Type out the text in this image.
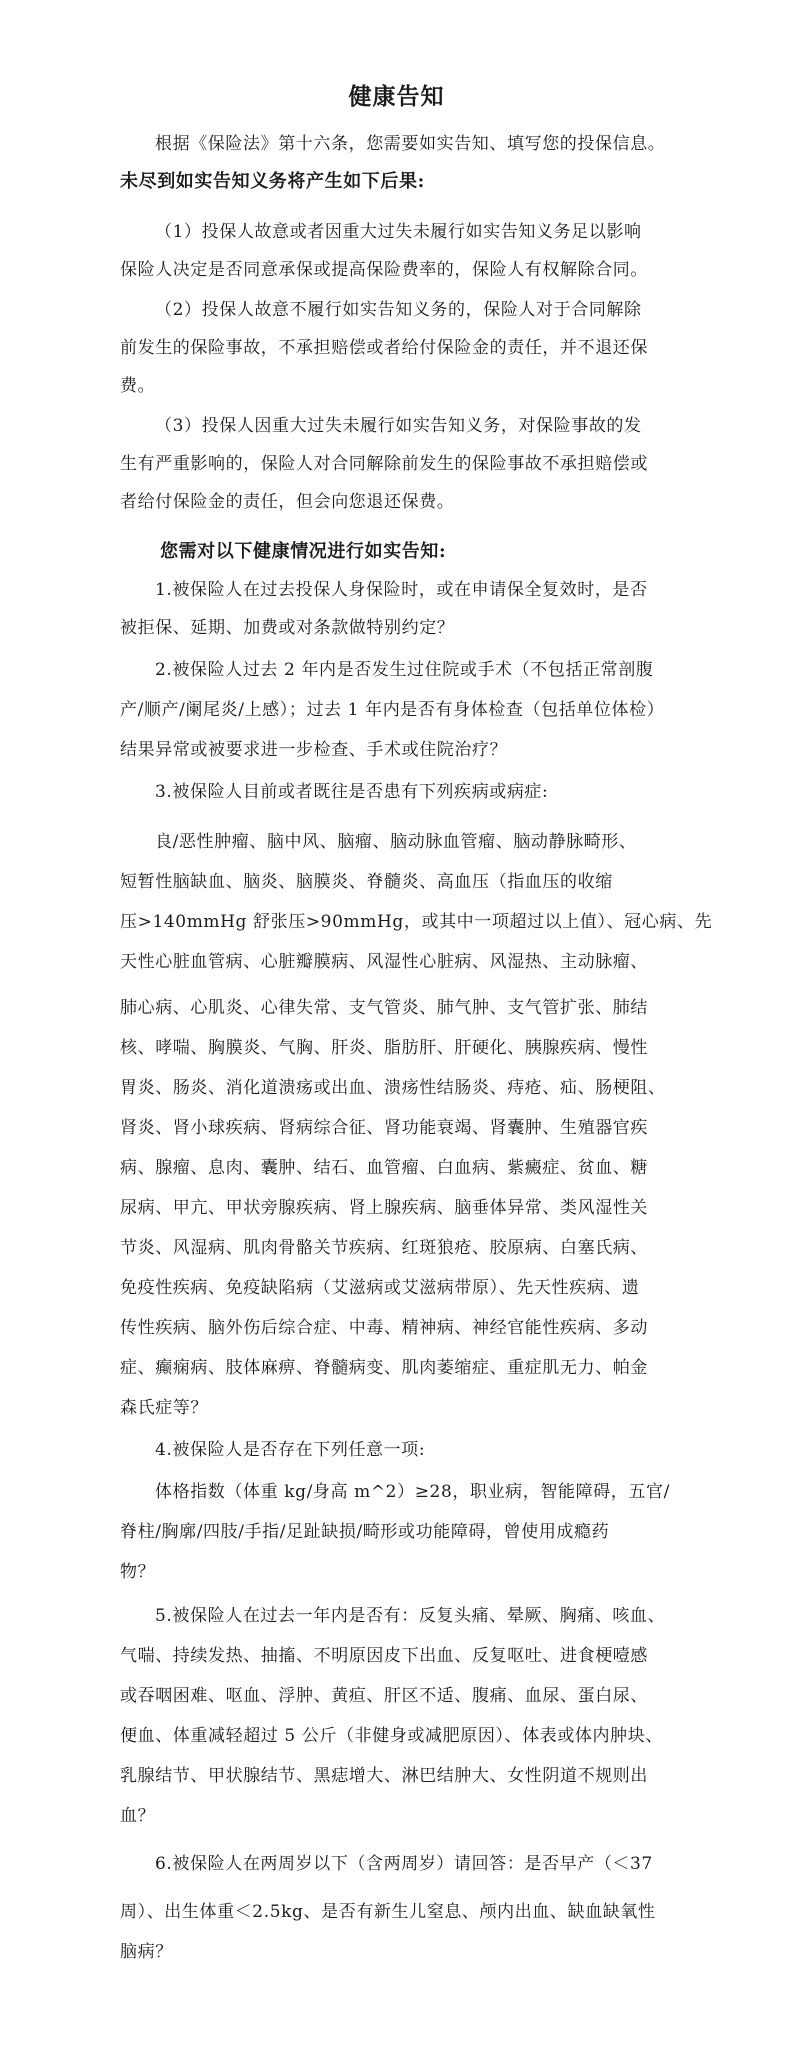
健康告知

根据《保险法》第十六条，您需要如实告知、填写您的投保信息。

未尽到如实告知义务将产生如下后果:

（1）投保人故意或者因重大过失未履行如实告知义务足以影响

保险人决定是否同意承保或提高保险费率的，保险人有权解除合同。

（2）投保人故意不履行如实告知义务的，保险人对于合同解除

前发生的保险事故，不承担赔偿或者给付保险金的责任，并不退还保

费。

（3）投保人因重大过失未履行如实告知义务，对保险事故的发

生有严重影响的，保险人对合同解除前发生的保险事故不承担赔偿或

者给付保险金的责任，但会向您退还保费。

您需对以下健康情况进行如实告知:

1.被保险人在过去投保人身保险时，或在申请保全复效时，是否

被拒保、延期、加费或对条款做特别约定？

2.被保险人过去 2 年内是否发生过住院或手术（不包括正常剖腹

产/顺产/阑尾炎/上感）；过去 1 年内是否有身体检查（包括单位体检）

结果异常或被要求进一步检查、手术或住院治疗？

3.被保险人目前或者既往是否患有下列疾病或病症:

良/恶性肿瘤、脑中风、脑瘤、脑动脉血管瘤、脑动静脉畸形、

短暂性脑缺血、脑炎、脑膜炎、脊髓炎、高血压（指血压的收缩

压>140mmHg 舒张压>90mmHg，或其中一项超过以上值）、冠心病、先

天性心脏血管病、心脏瓣膜病、风湿性心脏病、风湿热、主动脉瘤、

肺心病、心肌炎、心律失常、支气管炎、肺气肿、支气管扩张、肺结

核、哮喘、胸膜炎、气胸、肝炎、脂肪肝、肝硬化、胰腺疾病、慢性

胃炎、肠炎、消化道溃疡或出血、溃疡性结肠炎、痔疮、疝、肠梗阻、

肾炎、肾小球疾病、肾病综合征、肾功能衰竭、肾囊肿、生殖器官疾

病、腺瘤、息肉、囊肿、结石、血管瘤、白血病、紫癜症、贫血、糖

尿病、甲亢、甲状旁腺疾病、肾上腺疾病、脑垂体异常、类风湿性关

节炎、风湿病、肌肉骨骼关节疾病、红斑狼疮、胶原病、白塞氏病、

免疫性疾病、免疫缺陷病（艾滋病或艾滋病带原）、先天性疾病、遗

传性疾病、脑外伤后综合症、中毒、精神病、神经官能性疾病、多动

症、癫痫病、肢体麻痹、脊髓病变、肌肉萎缩症、重症肌无力、帕金

森氏症等？

4.被保险人是否存在下列任意一项:

体格指数（体重 kg/身高 m^2）≥28，职业病，智能障碍，五官/

脊柱/胸廓/四肢/手指/足趾缺损/畸形或功能障碍，曾使用成瘾药

物？

5.被保险人在过去一年内是否有：反复头痛、晕厥、胸痛、咳血、

气喘、持续发热、抽搐、不明原因皮下出血、反复呕吐、进食梗噎感

或吞咽困难、呕血、浮肿、黄疸、肝区不适、腹痛、血尿、蛋白尿、

便血、体重减轻超过 5 公斤（非健身或减肥原因）、体表或体内肿块、

乳腺结节、甲状腺结节、黑痣增大、淋巴结肿大、女性阴道不规则出

血？

6.被保险人在两周岁以下（含两周岁）请回答：是否早产（＜37

周）、出生体重＜2.5kg、是否有新生儿窒息、颅内出血、缺血缺氧性

脑病？
